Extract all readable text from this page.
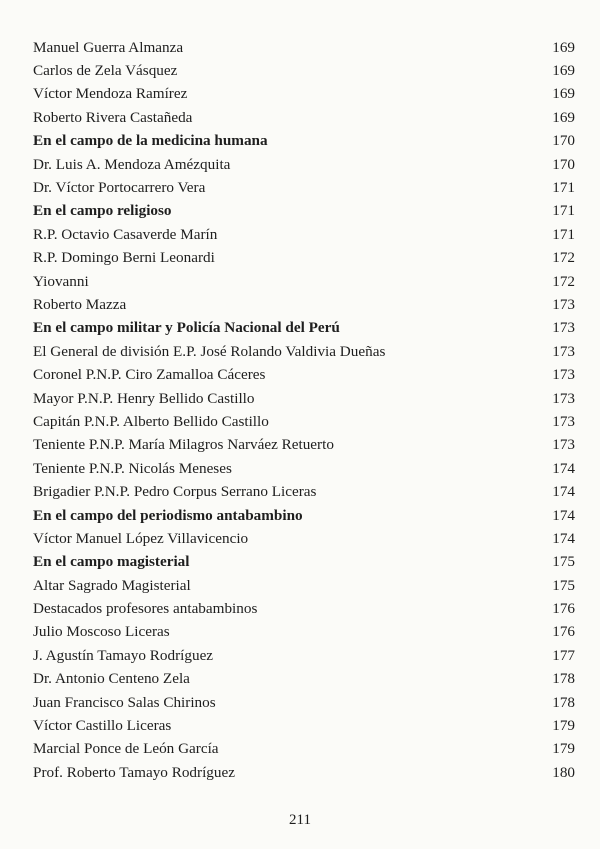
Manuel Guerra Almanza	169
Carlos de Zela Vásquez	169
Víctor Mendoza Ramírez	169
Roberto Rivera Castañeda	169
En el campo de la medicina humana	170
Dr. Luis A. Mendoza Amézquita	170
Dr. Víctor Portocarrero Vera	171
En el campo religioso	171
R.P. Octavio Casaverde Marín	171
R.P. Domingo Berni Leonardi	172
Yiovanni	172
Roberto Mazza	173
En el campo militar y Policía Nacional del Perú	173
El General de división E.P. José Rolando Valdivia Dueñas	173
Coronel P.N.P. Ciro Zamalloa Cáceres	173
Mayor P.N.P. Henry Bellido Castillo	173
Capitán P.N.P. Alberto Bellido Castillo	173
Teniente P.N.P. María Milagros Narváez Retuerto	173
Teniente P.N.P. Nicolás Meneses	174
Brigadier P.N.P. Pedro Corpus Serrano Liceras	174
En el campo del periodismo antabambino	174
Víctor Manuel López Villavicencio	174
En el campo magisterial	175
Altar Sagrado Magisterial	175
Destacados profesores antabambinos	176
Julio Moscoso Liceras	176
J. Agustín Tamayo Rodríguez	177
Dr. Antonio Centeno Zela	178
Juan Francisco Salas Chirinos	178
Víctor Castillo Liceras	179
Marcial Ponce de León García	179
Prof. Roberto Tamayo Rodríguez	180
211
